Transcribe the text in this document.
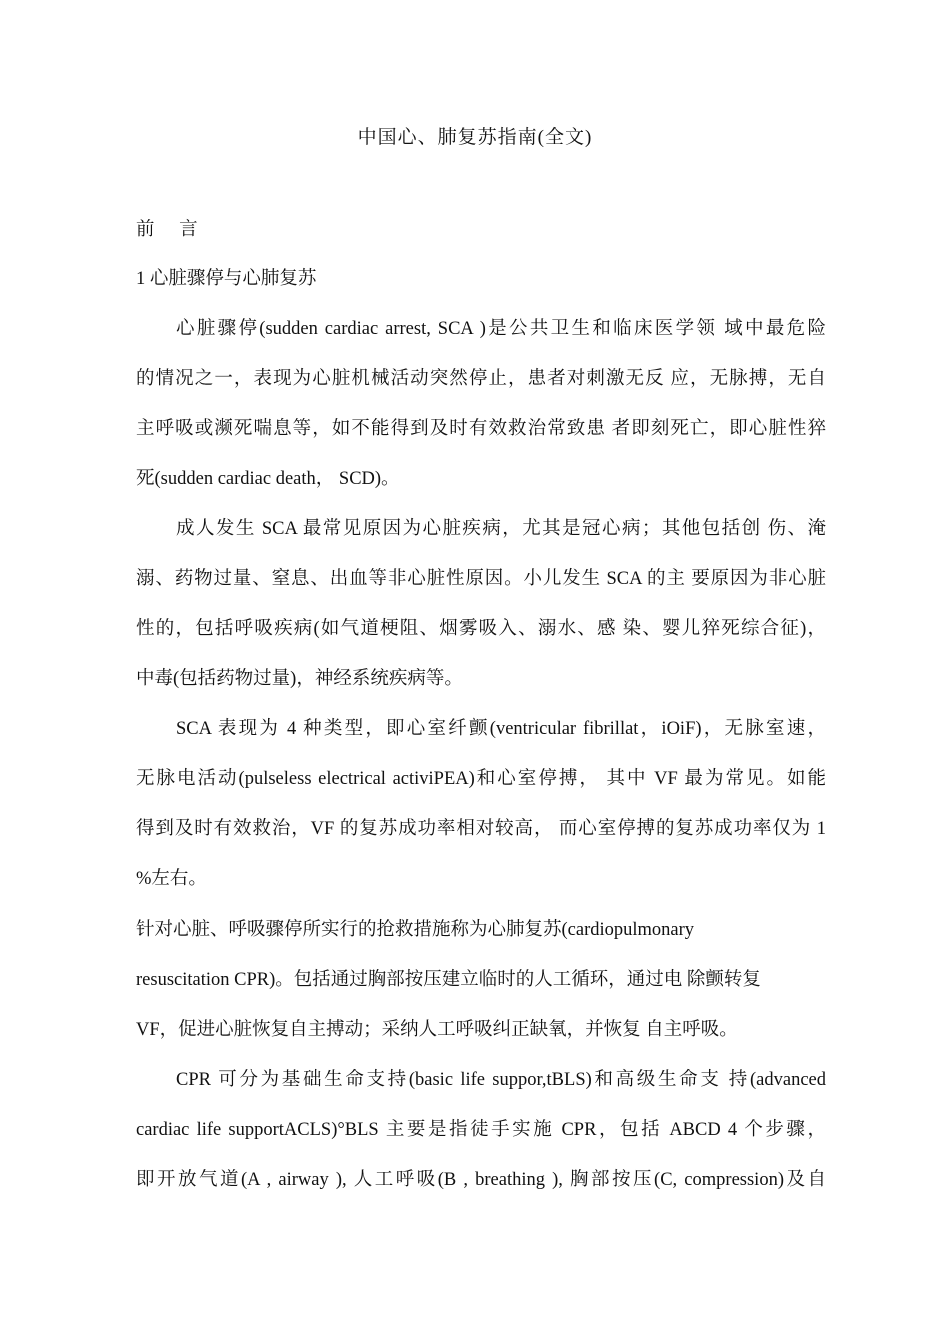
中国心、肺复苏指南(全文)
前 言
1 心脏骤停与心肺复苏
心脏骤停(sudden cardiac arrest, SCA )是公共卫生和临床医学领 域中最危险
的情况之一，表现为心脏机械活动突然停止，患者对刺激无反 应，无脉搏，无自
主呼吸或濒死喘息等，如不能得到及时有效救治常致患 者即刻死亡，即心脏性猝
死(sudden cardiac death， SCD)。
成人发生 SCA 最常见原因为心脏疾病，尤其是冠心病；其他包括创 伤、淹
溺、药物过量、窒息、出血等非心脏性原因。小儿发生 SCA 的主 要原因为非心脏
性的，包括呼吸疾病(如气道梗阻、烟雾吸入、溺水、感 染、婴儿猝死综合征)，
中毒(包括药物过量)，神经系统疾病等。
SCA 表现为 4 种类型，即心室纤颤(ventricular fibrillat，iOiF)，无脉室速，
无脉电活动(pulseless electrical activiPEA)和心室停搏， 其中 VF 最为常见。如能
得到及时有效救治，VF 的复苏成功率相对较高， 而心室停搏的复苏成功率仅为 1
%左右。
针对心脏、呼吸骤停所实行的抢救措施称为心肺复苏(cardiopulmonary
resuscitation CPR)。包括通过胸部按压建立临时的人工循环，通过电 除颤转复
VF，促进心脏恢复自主搏动；采纳人工呼吸纠正缺氧，并恢复 自主呼吸。
CPR 可分为基础生命支持(basic life suppor,tBLS)和高级生命支 持(advanced
cardiac life supportACLS)°BLS 主要是指徒手实施 CPR，包括 ABCD 4 个步骤，
即开放气道(A , airway ), 人工呼吸(B , breathing ), 胸部按压(C, compression)及自
